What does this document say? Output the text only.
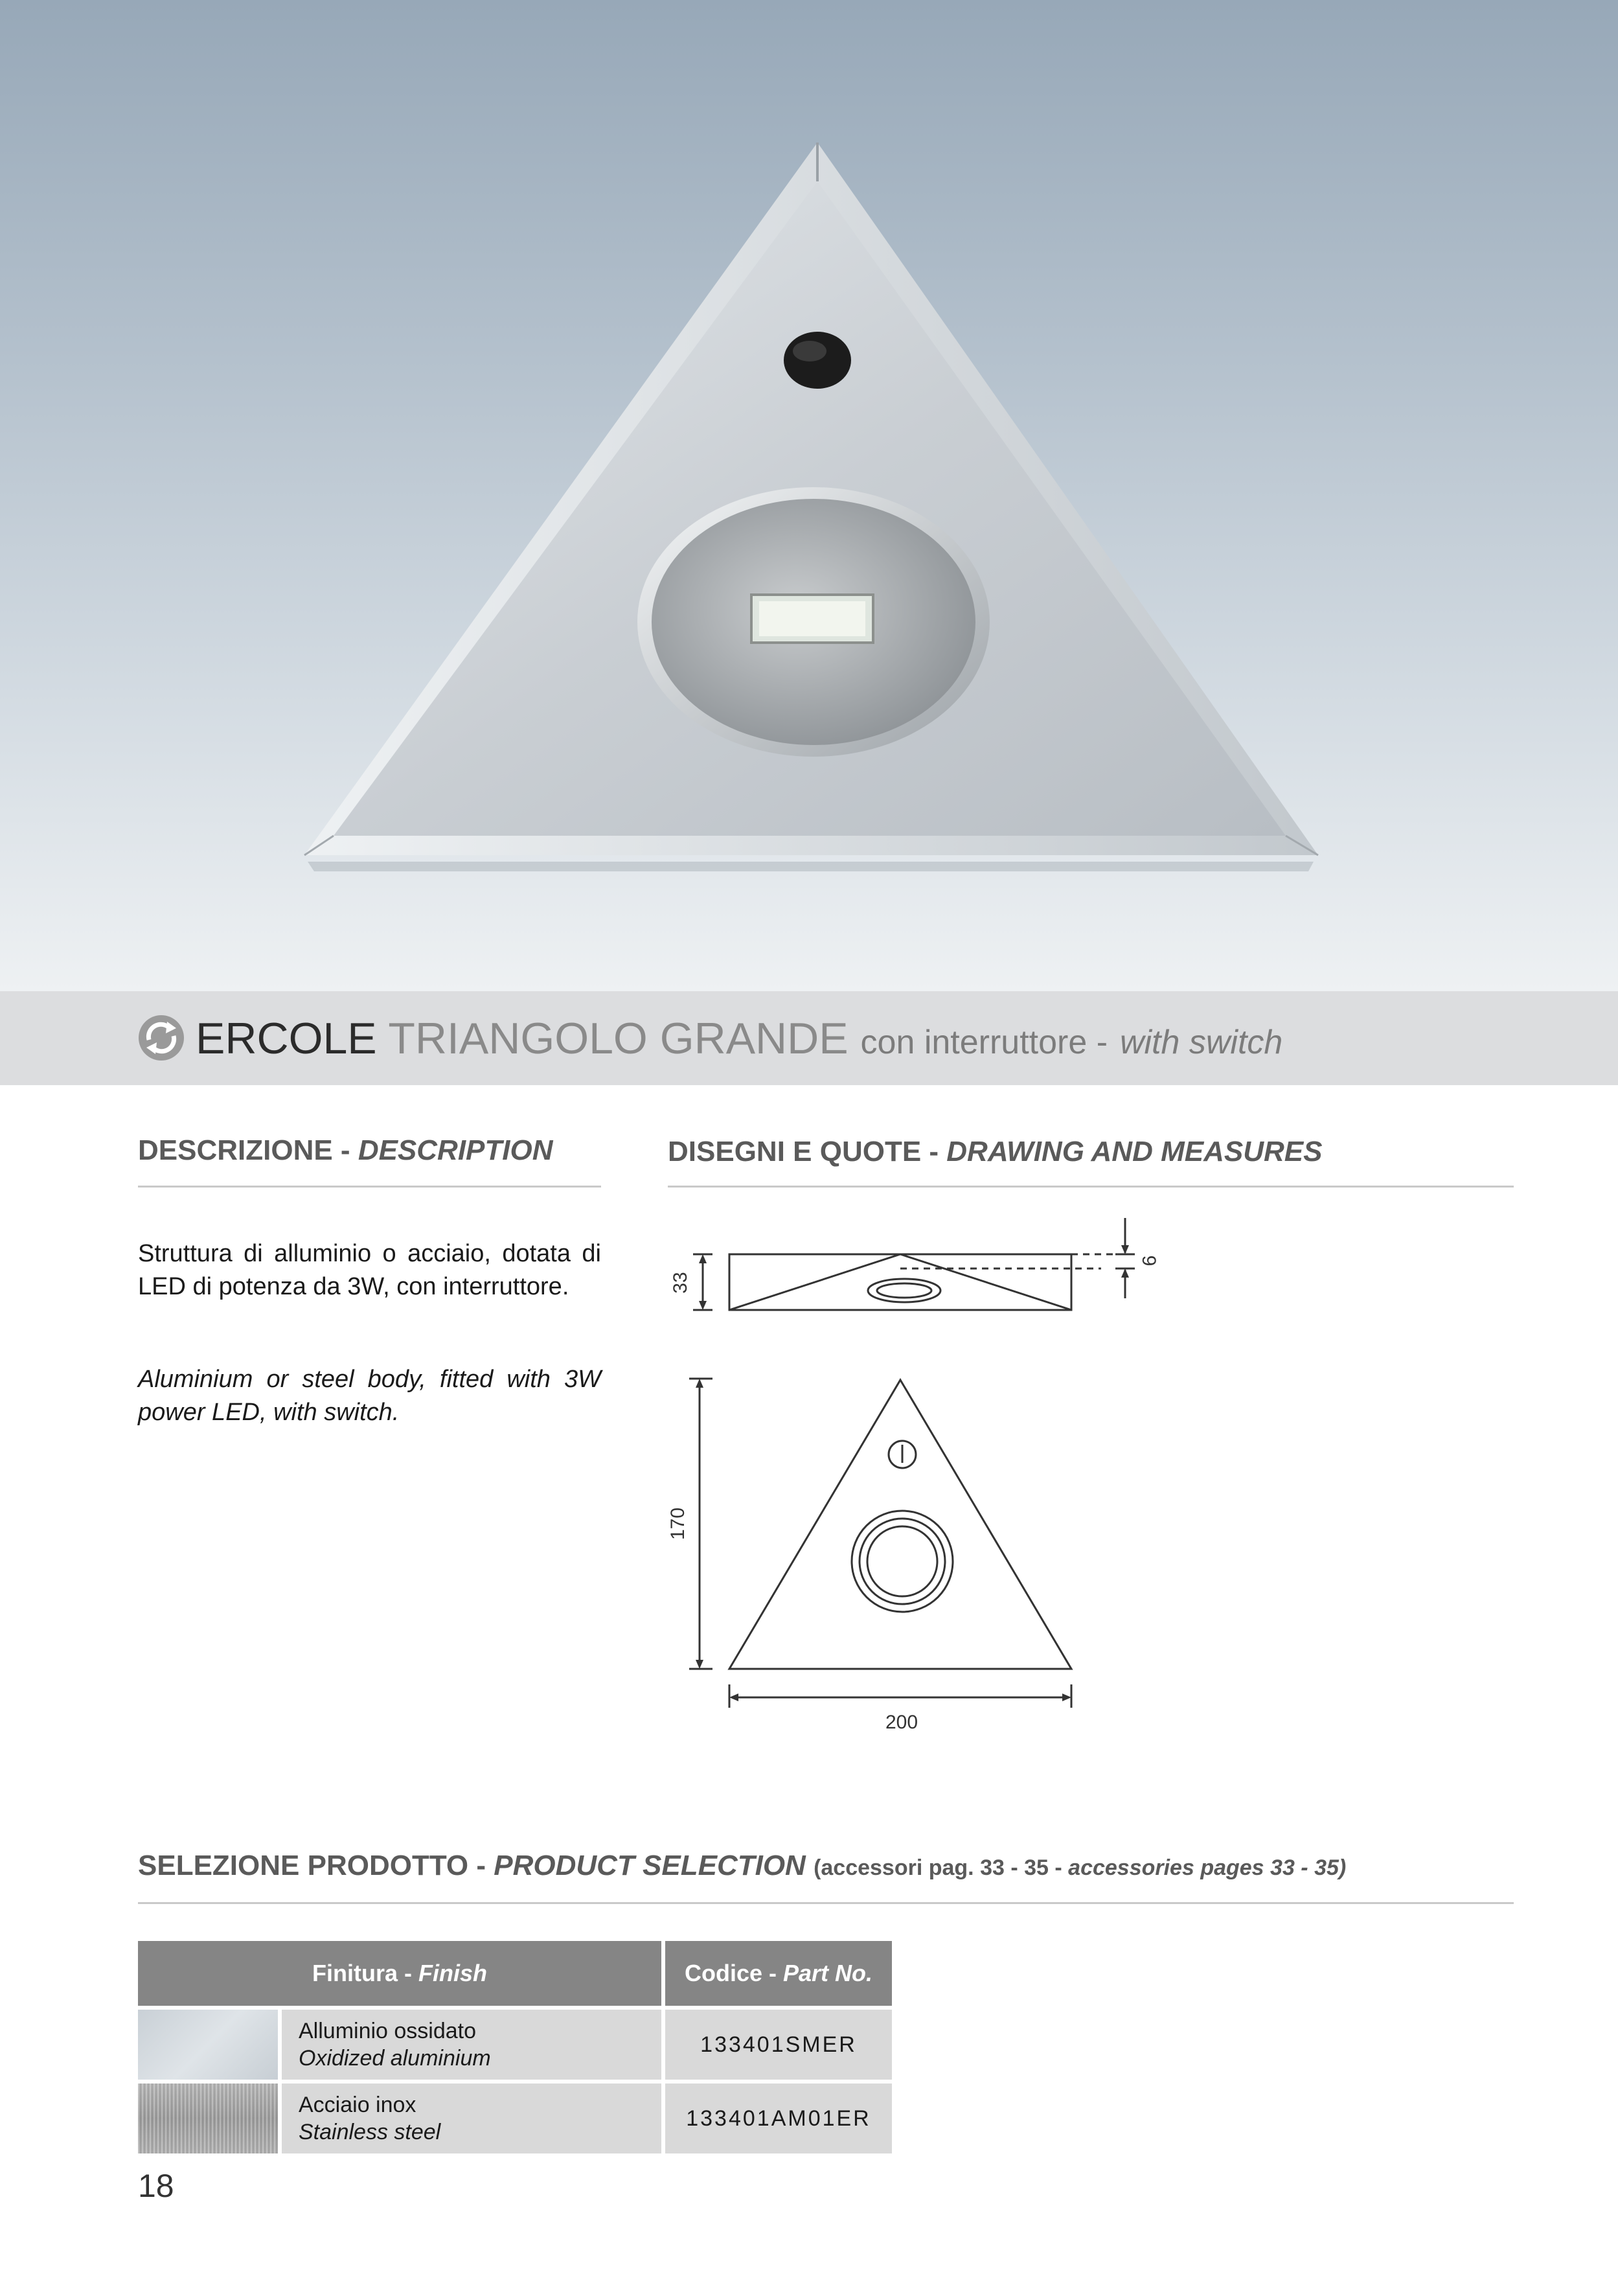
ERCOLE TRIANGOLO GRANDE con interruttore - with switch
DESCRIZIONE - DESCRIPTION
Struttura di alluminio o acciaio, dotata di LED di potenza da 3W, con interruttore.
Aluminium or steel body, fitted with 3W power LED, with switch.
DISEGNI E QUOTE - DRAWING AND MEASURES
33
9
170
200
SELEZIONE PRODOTTO - PRODUCT SELECTION (accessori pag. 33 - 35 - accessories pages 33 - 35)
Finitura - Finish		Codice - Part No.

	Alluminio ossidato
Oxidized aluminium	133401SMER

	Acciaio inox
Stainless steel	133401AM01ER
18
